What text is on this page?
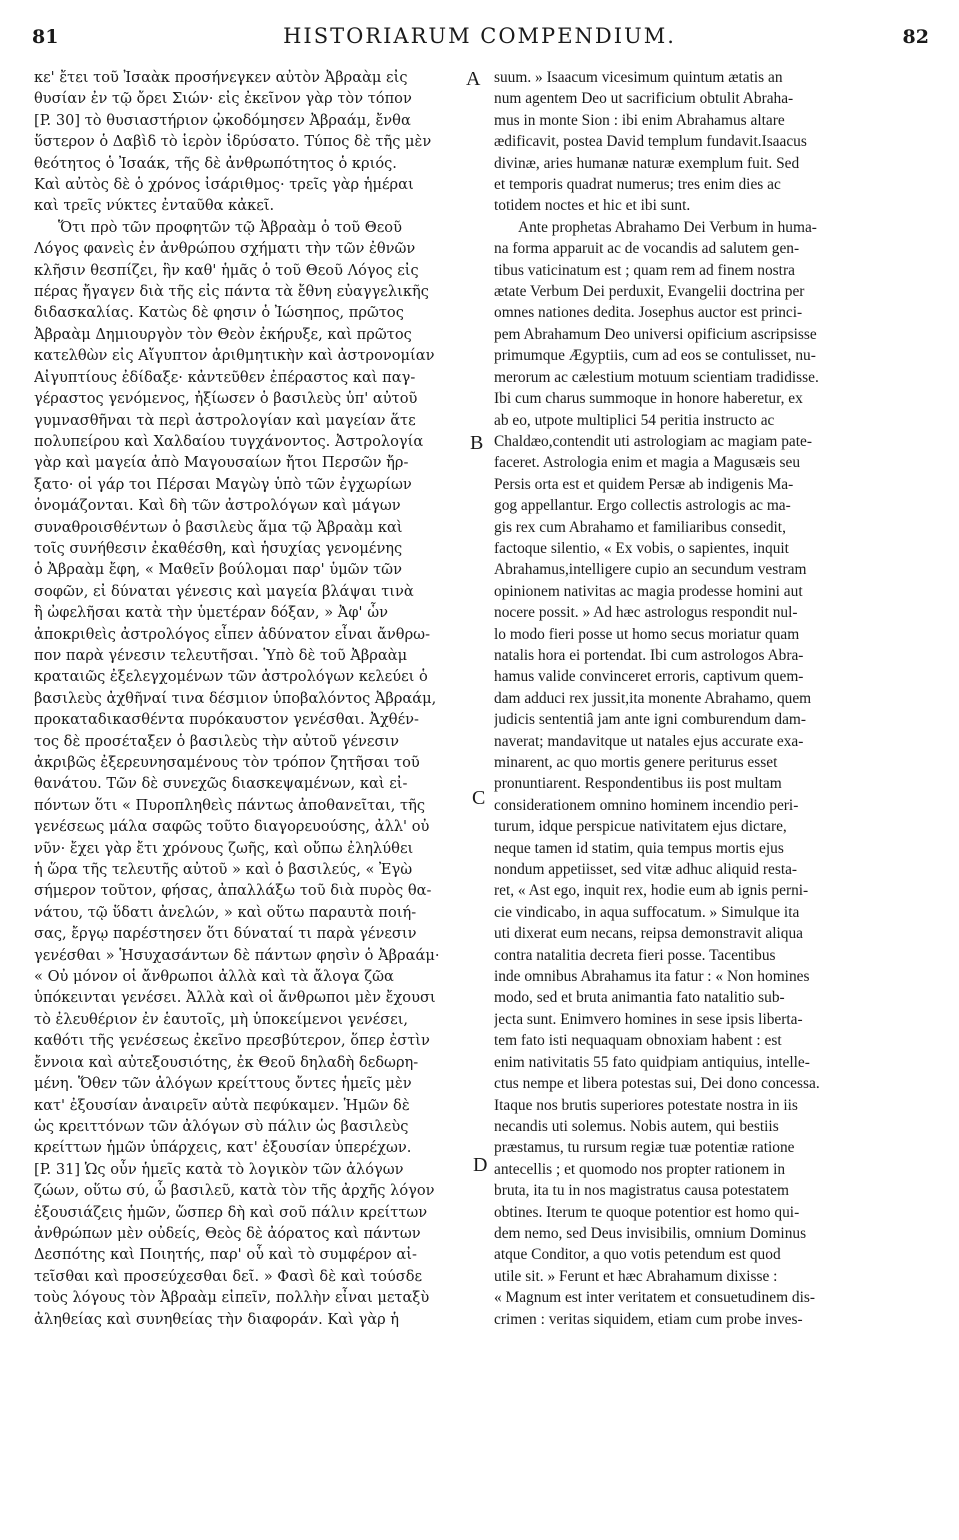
81	HISTORIARUM COMPENDIUM.	82
κε' ἔτει τοῦ Ἰσαὰκ προσήνεγκεν αὐτὸν Ἀβραὰμ εἰς
θυσίαν ἐν τῷ ὄρει Σιών· εἰς ἐκεῖνον γὰρ τὸν τόπον
[P. 30] τὸ θυσιαστήριον ᾠκοδόμησεν Ἀβραάμ, ἔνθα
ὕστερον ὁ Δαβὶδ τὸ ἱερὸν ἱδρύσατο. Τύπος δὲ τῆς μὲν
θεότητος ὁ Ἰσαάκ, τῆς δὲ ἀνθρωπότητος ὁ κριός.
Καὶ αὐτὸς δὲ ὁ χρόνος ἰσάριθμος· τρεῖς γὰρ ἡμέραι
καὶ τρεῖς νύκτες ἐνταῦθα κἀκεῖ.
Ὅτι πρὸ τῶν προφητῶν τῷ Ἀβραὰμ ὁ τοῦ Θεοῦ
Λόγος φανεὶς ἐν ἀνθρώπου σχήματι τὴν τῶν ἐθνῶν
κλῆσιν θεσπίζει, ἣν καθ' ἡμᾶς ὁ τοῦ Θεοῦ Λόγος εἰς
πέρας ἤγαγεν διὰ τῆς εἰς πάντα τὰ ἔθνη εὐαγγελικῆς
διδασκαλίας. Κατὼς δὲ φησιν ὁ Ἰώσηπος, πρῶτος
Ἀβραὰμ Δημιουργὸν τὸν Θεὸν ἐκήρυξε, καὶ πρῶτος
κατελθὼν εἰς Αἴγυπτον ἀριθμητικὴν καὶ ἀστρονομίαν
Αἰγυπτίους ἐδίδαξε· κἀντεῦθεν ἐπέραστος καὶ παγ-
γέραστος γενόμενος, ἠξίωσεν ὁ βασιλεὺς ὑπ' αὐτοῦ
γυμνασθῆναι τὰ περὶ ἀστρολογίαν καὶ μαγείαν ἅτε
πολυπείρου καὶ Χαλδαίου τυγχάνοντος. Ἀστρολογία
γὰρ καὶ μαγεία ἀπὸ Μαγουσαίων ἤτοι Περσῶν ἤρ-
ξατο· οἱ γάρ τοι Πέρσαι Μαγὼγ ὑπὸ τῶν ἐγχωρίων
ὀνομάζονται. Καὶ δὴ τῶν ἀστρολόγων καὶ μάγων
συναθροισθέντων ὁ βασιλεὺς ἅμα τῷ Ἀβραὰμ καὶ
τοῖς συνήθεσιν ἐκαθέσθη, καὶ ἡσυχίας γενομένης
ὁ Ἀβραὰμ ἔφη, « Μαθεῖν βούλομαι παρ' ὑμῶν τῶν
σοφῶν, εἰ δύναται γένεσις καὶ μαγεία βλάψαι τινὰ
ἢ ὠφελῆσαι κατὰ τὴν ὑμετέραν δόξαν, » Ἀφ' ὧν
ἀποκριθεὶς ἀστρολόγος εἶπεν ἀδύνατον εἶναι ἄνθρω-
πον παρὰ γένεσιν τελευτῆσαι. Ὑπὸ δὲ τοῦ Ἀβραὰμ
κραταιῶς ἐξελεγχομένων τῶν ἀστρολόγων κελεύει ὁ
βασιλεὺς ἀχθῆναί τινα δέσμιον ὑποβαλόντος Ἀβραάμ,
προκαταδικασθέντα πυρόκαυστον γενέσθαι. Ἀχθέν-
τος δὲ προσέταξεν ὁ βασιλεὺς τὴν αὐτοῦ γένεσιν
ἀκριβῶς ἐξερευνησαμένους τὸν τρόπον ζητῆσαι τοῦ
θανάτου. Τῶν δὲ συνεχῶς διασκεψαμένων, καὶ εἰ-
πόντων ὅτι « Πυροπληθεὶς πάντως ἀποθανεῖται, τῆς
γενέσεως μάλα σαφῶς τοῦτο διαγορευούσης, ἀλλ' οὐ
νῦν· ἔχει γὰρ ἔτι χρόνους ζωῆς, καὶ οὔπω ἐληλύθει
ἡ ὥρα τῆς τελευτῆς αὐτοῦ » καὶ ὁ βασιλεύς, « Ἐγὼ
σήμερον τοῦτον, φήσας, ἀπαλλάξω τοῦ διὰ πυρὸς θα-
νάτου, τῷ ὕδατι ἀνελών, » καὶ οὕτω παραυτὰ ποιή-
σας, ἔργῳ παρέστησεν ὅτι δύναταί τι παρὰ γένεσιν
γενέσθαι » Ἡσυχασάντων δὲ πάντων φησὶν ὁ Ἀβραάμ·
« Οὐ μόνον οἱ ἄνθρωποι ἀλλὰ καὶ τὰ ἄλογα ζῶα
ὑπόκεινται γενέσει. Ἀλλὰ καὶ οἱ ἄνθρωποι μὲν ἔχουσι
τὸ ἐλευθέριον ἐν ἑαυτοῖς, μὴ ὑποκείμενοι γενέσει,
καθότι τῆς γενέσεως ἐκεῖνο πρεσβύτερον, ὅπερ ἐστὶν
ἔννοια καὶ αὐτεξουσιότης, ἐκ Θεοῦ δηλαδὴ δεδωρη-
μένη. Ὅθεν τῶν ἀλόγων κρείττους ὄντες ἡμεῖς μὲν
κατ' ἐξουσίαν ἀναιρεῖν αὐτὰ πεφύκαμεν. Ἡμῶν δὲ
ὡς κρειττόνων τῶν ἀλόγων σὺ πάλιν ὡς βασιλεὺς
κρείττων ἡμῶν ὑπάρχεις, κατ' ἐξουσίαν ὑπερέχων.
[P. 31] Ὡς οὖν ἡμεῖς κατὰ τὸ λογικὸν τῶν ἀλόγων
ζώων, οὕτω σύ, ὦ βασιλεῦ, κατὰ τὸν τῆς ἀρχῆς λόγον
ἐξουσιάζεις ἡμῶν, ὥσπερ δὴ καὶ σοῦ πάλιν κρείττων
ἀνθρώπων μὲν οὐδείς, Θεὸς δὲ ἀόρατος καὶ πάντων
Δεσπότης καὶ Ποιητής, παρ' οὗ καὶ τὸ συμφέρον αἰ-
τεῖσθαι καὶ προσεύχεσθαι δεῖ. » Φασὶ δὲ καὶ τούσδε
τοὺς λόγους τὸν Ἀβραὰμ εἰπεῖν, πολλὴν εἶναι μεταξὺ
ἀληθείας καὶ συνηθείας τὴν διαφοράν. Καὶ γὰρ ἡ
A
B
C
D
suum. » Isaacum vicesimum quintum ætatis an
num agentem Deo ut sacrificium obtulit Abraha-
mus in monte Sion : ibi enim Abrahamus altare
ædificavit, postea David templum fundavit.Isaacus
divinæ, aries humanæ naturæ exemplum fuit. Sed
et temporis quadrat numerus; tres enim dies ac
totidem noctes et hic et ibi sunt.
Ante prophetas Abrahamo Dei Verbum in huma-
na forma apparuit ac de vocandis ad salutem gen-
tibus vaticinatum est ; quam rem ad finem nostra
ætate Verbum Dei perduxit, Evangelii doctrina per
omnes nationes dedita. Josephus auctor est princi-
pem Abrahamum Deo universi opificium ascripsisse
primumque Ægyptiis, cum ad eos se contulisset, nu-
merorum ac cælestium motuum scientiam tradidisse.
Ibi cum charus summoque in honore haberetur, ex
ab eo, utpote multiplici 54 peritia instructo ac
Chaldæo,contendit uti astrologiam ac magiam pate-
faceret. Astrologia enim et magia a Magusæis seu
Persis orta est et quidem Persæ ab indigenis Ma-
gog appellantur. Ergo collectis astrologis ac ma-
gis rex cum Abrahamo et familiaribus consedit,
factoque silentio, « Ex vobis, o sapientes, inquit
Abrahamus,intelligere cupio an secundum vestram
opinionem nativitas ac magia prodesse homini aut
nocere possit. » Ad hæc astrologus respondit nul-
lo modo fieri posse ut homo secus moriatur quam
natalis hora ei portendat. Ibi cum astrologos Abra-
hamus valide convinceret erroris, captivum quem-
dam adduci rex jussit,ita monente Abrahamo, quem
judicis sententiâ jam ante igni comburendum dam-
naverat; mandavitque ut natales ejus accurate exa-
minarent, ac quo mortis genere periturus esset
pronuntiarent. Respondentibus iis post multam
considerationem omnino hominem incendio peri-
turum, idque perspicue nativitatem ejus dictare,
neque tamen id statim, quia tempus mortis ejus
nondum appetiisset, sed vitæ adhuc aliquid resta-
ret, « Ast ego, inquit rex, hodie eum ab ignis perni-
cie vindicabo, in aqua suffocatum. » Simulque ita
uti dixerat eum necans, reipsa demonstravit aliqua
contra natalitia decreta fieri posse. Tacentibus
inde omnibus Abrahamus ita fatur : « Non homines
modo, sed et bruta animantia fato natalitio sub-
jecta sunt. Enimvero homines in sese ipsis liberta-
tem fato isti nequaquam obnoxiam habent : est
enim nativitatis 55 fato quidpiam antiquius, intelle-
ctus nempe et libera potestas sui, Dei dono concessa.
Itaque nos brutis superiores potestate nostra in iis
necandis uti solemus. Nobis autem, qui bestiis
præstamus, tu rursum regiæ tuæ potentiæ ratione
antecellis ; et quomodo nos propter rationem in
bruta, ita tu in nos magistratus causa potestatem
obtines. Iterum te quoque potentior est homo qui-
dem nemo, sed Deus invisibilis, omnium Dominus
atque Conditor, a quo votis petendum est quod
utile sit. » Ferunt et hæc Abrahamum dixisse :
« Magnum est inter veritatem et consuetudinem dis-
crimen : veritas siquidem, etiam cum probe inves-
